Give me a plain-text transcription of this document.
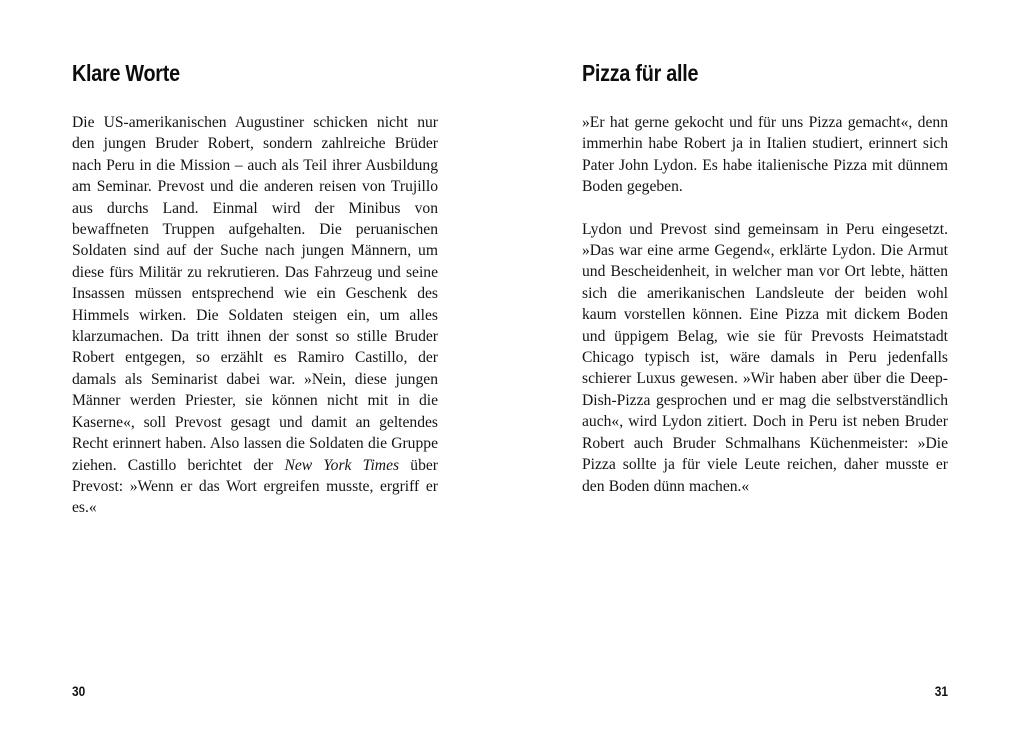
Klare Worte

Die US-amerikanischen Augustiner schicken nicht nur den jungen Bruder Robert, sondern zahlreiche Brüder nach Peru in die Mission – auch als Teil ihrer Ausbildung am Seminar. Prevost und die anderen reisen von Trujillo aus durchs Land. Einmal wird der Minibus von bewaffneten Truppen aufgehalten. Die peruanischen Soldaten sind auf der Suche nach jungen Männern, um diese fürs Militär zu rekrutieren. Das Fahrzeug und seine Insassen müssen entsprechend wie ein Geschenk des Himmels wirken. Die Soldaten steigen ein, um alles klarzumachen. Da tritt ihnen der sonst so stille Bruder Robert entgegen, so erzählt es Ramiro Castillo, der damals als Seminarist dabei war. »Nein, diese jungen Männer werden Priester, sie können nicht mit in die Kaserne«, soll Prevost gesagt und damit an geltendes Recht erinnert haben. Also lassen die Soldaten die Gruppe ziehen. Castillo berichtet der New York Times über Prevost: »Wenn er das Wort ergreifen musste, ergriff er es.«

30
Pizza für alle

»Er hat gerne gekocht und für uns Pizza gemacht«, denn immerhin habe Robert ja in Italien studiert, erinnert sich Pater John Lydon. Es habe italienische Pizza mit dünnem Boden gegeben.

Lydon und Prevost sind gemeinsam in Peru eingesetzt. »Das war eine arme Gegend«, erklärte Lydon. Die Armut und Bescheidenheit, in welcher man vor Ort lebte, hätten sich die amerikanischen Landsleute der beiden wohl kaum vorstellen können. Eine Pizza mit dickem Boden und üppigem Belag, wie sie für Prevosts Heimatstadt Chicago typisch ist, wäre damals in Peru jedenfalls schierer Luxus gewesen. »Wir haben aber über die Deep-Dish-Pizza gesprochen und er mag die selbstverständlich auch«, wird Lydon zitiert. Doch in Peru ist neben Bruder Robert auch Bruder Schmalhans Küchenmeister: »Die Pizza sollte ja für viele Leute reichen, daher musste er den Boden dünn machen.«

31
